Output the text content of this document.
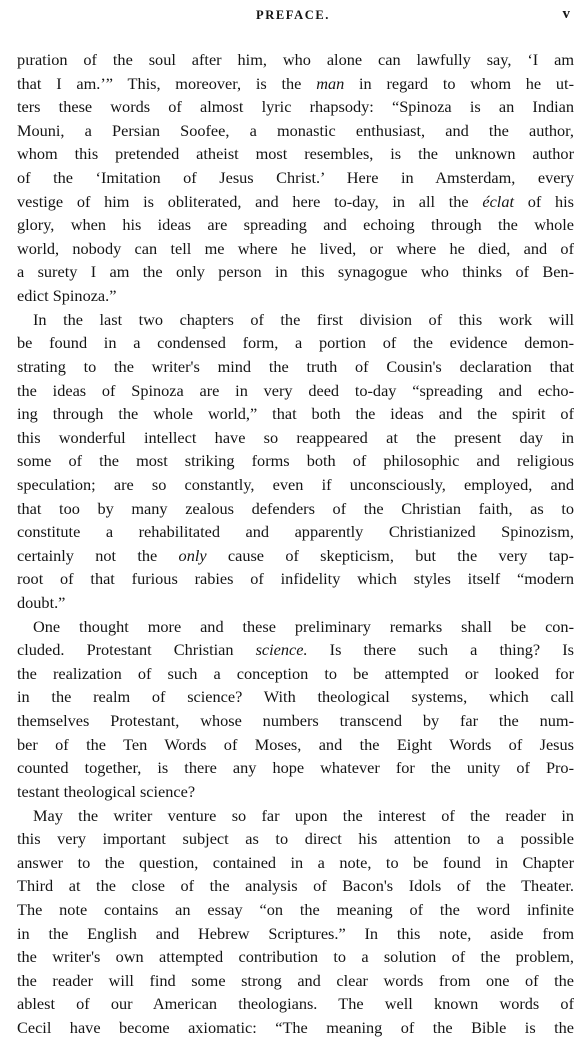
PREFACE.	v
pιration of the soul after him, who alone can lawfully say, ‘I am
that I am.’” This, moreover, is the man in regard to whom he ut-
ters these words of almost lyric rhapsody: “Spinoza is an Indian
Mouni, a Persian Soofee, a monastic enthusiast, and the author,
whom this pretended atheist most resembles, is the unknown author
of the ‘Imitation of Jesus Christ.’ Here in Amsterdam, every
vestige of him is obliterated, and here to-day, in all the éclat of his
glory, when his ideas are spreading and echoing through the whole
world, nobody can tell me where he lived, or where he died, and of
a surety I am the only person in this synagogue who thinks of Ben-
edict Spinoza.”
In the last two chapters of the first division of this work will
be found in a condensed form, a portion of the evidence demon-
strating to the writer's mind the truth of Cousin's declaration that
the ideas of Spinoza are in very deed to-day “spreading and echo-
ing through the whole world,” that both the ideas and the spirit of
this wonderful intellect have so reappeared at the present day in
some of the most striking forms both of philosophic and religious
speculation; are so constantly, even if unconsciously, employed, and
that too by many zealous defenders of the Christian faith, as to
constitute a rehabilitated and apparently Christianized Spinozism,
certainly not the only cause of skepticism, but the very tap-
root of that furious rabies of infidelity which styles itself “modern
doubt.”
One thought more and these preliminary remarks shall be con-
cluded. Protestant Christian science. Is there such a thing? Is
the realization of such a conception to be attempted or looked for
in the realm of science? With theological systems, which call
themselves Protestant, whose numbers transcend by far the num-
ber of the Ten Words of Moses, and the Eight Words of Jesus
counted together, is there any hope whatever for the unity of Pro-
testant theological science?
May the writer venture so far upon the interest of the reader in
this very important subject as to direct his attention to a possible
answer to the question, contained in a note, to be found in Chapter
Third at the close of the analysis of Bacon's Idols of the Theater.
The note contains an essay “on the meaning of the word infinite
in the English and Hebrew Scriptures.” In this note, aside from
the writer's own attempted contribution to a solution of the problem,
the reader will find some strong and clear words from one of the
ablest of our American theologians. The well known words of
Cecil have become axiomatic: “The meaning of the Bible is the
